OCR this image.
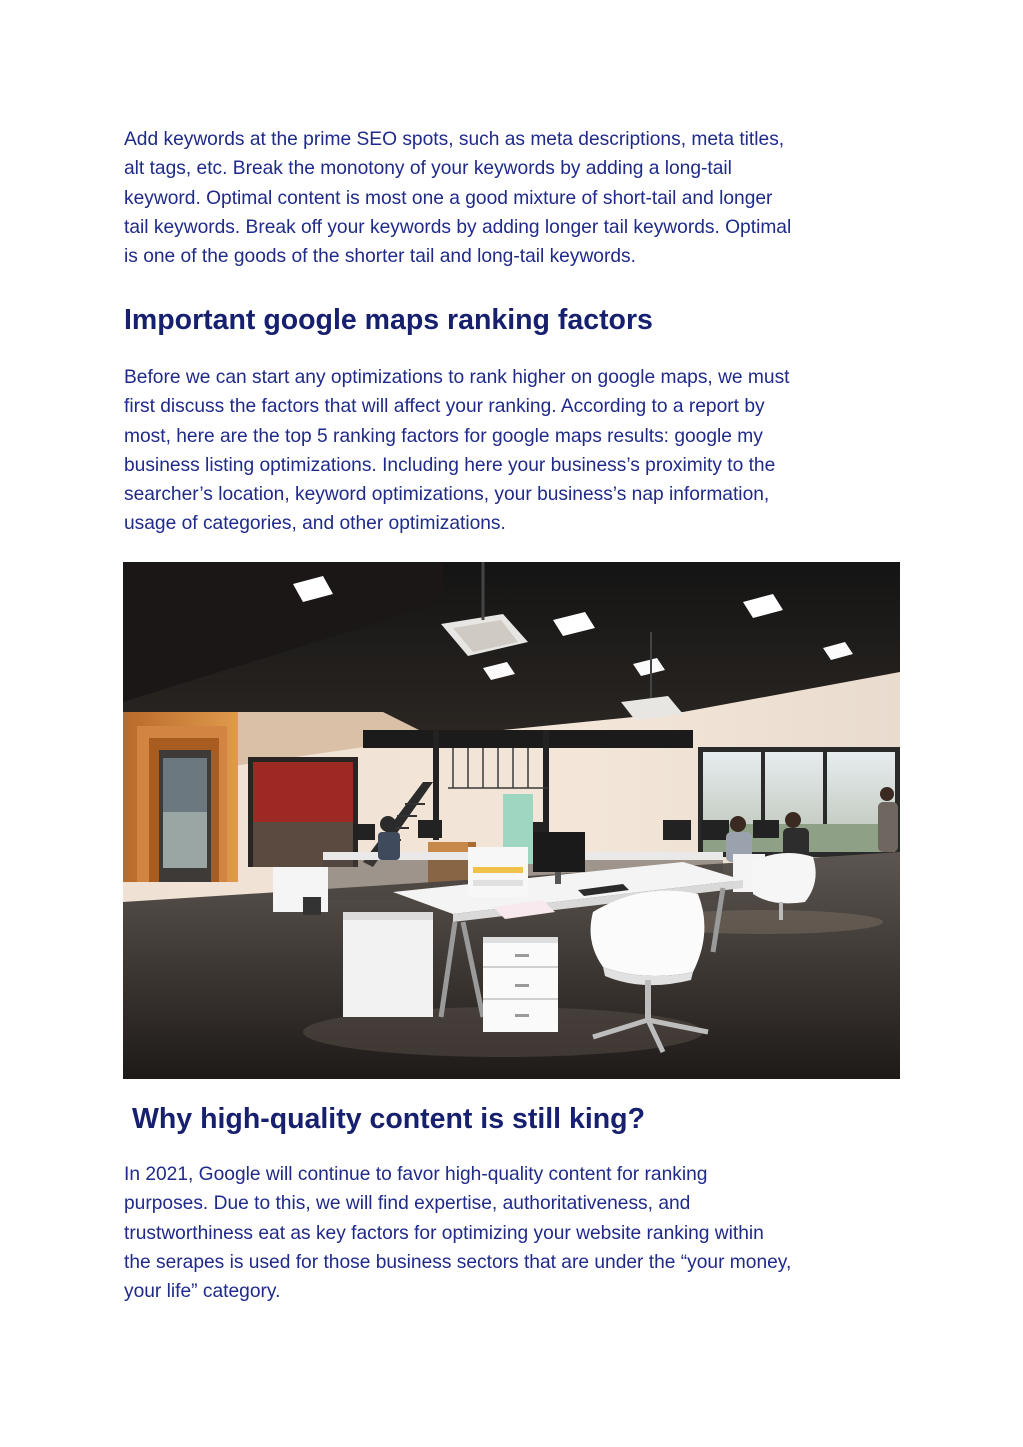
Add keywords at the prime SEO spots, such as meta descriptions, meta titles,
alt tags, etc. Break the monotony of your keywords by adding a long-tail
keyword. Optimal content is most one a good mixture of short-tail and longer
tail keywords. Break off your keywords by adding longer tail keywords. Optimal
is one of the goods of the shorter tail and long-tail keywords.

Important google maps ranking factors

Before we can start any optimizations to rank higher on google maps, we must
first discuss the factors that will affect your ranking. According to a report by
most, here are the top 5 ranking factors for google maps results: google my
business listing optimizations. Including here your business’s proximity to the
searcher’s location, keyword optimizations, your business’s nap information,
usage of categories, and other optimizations.

Why high-quality content is still king?

In 2021, Google will continue to favor high-quality content for ranking
purposes. Due to this, we will find expertise, authoritativeness, and
trustworthiness eat as key factors for optimizing your website ranking within
the serapes is used for those business sectors that are under the “your money,
your life” category.
